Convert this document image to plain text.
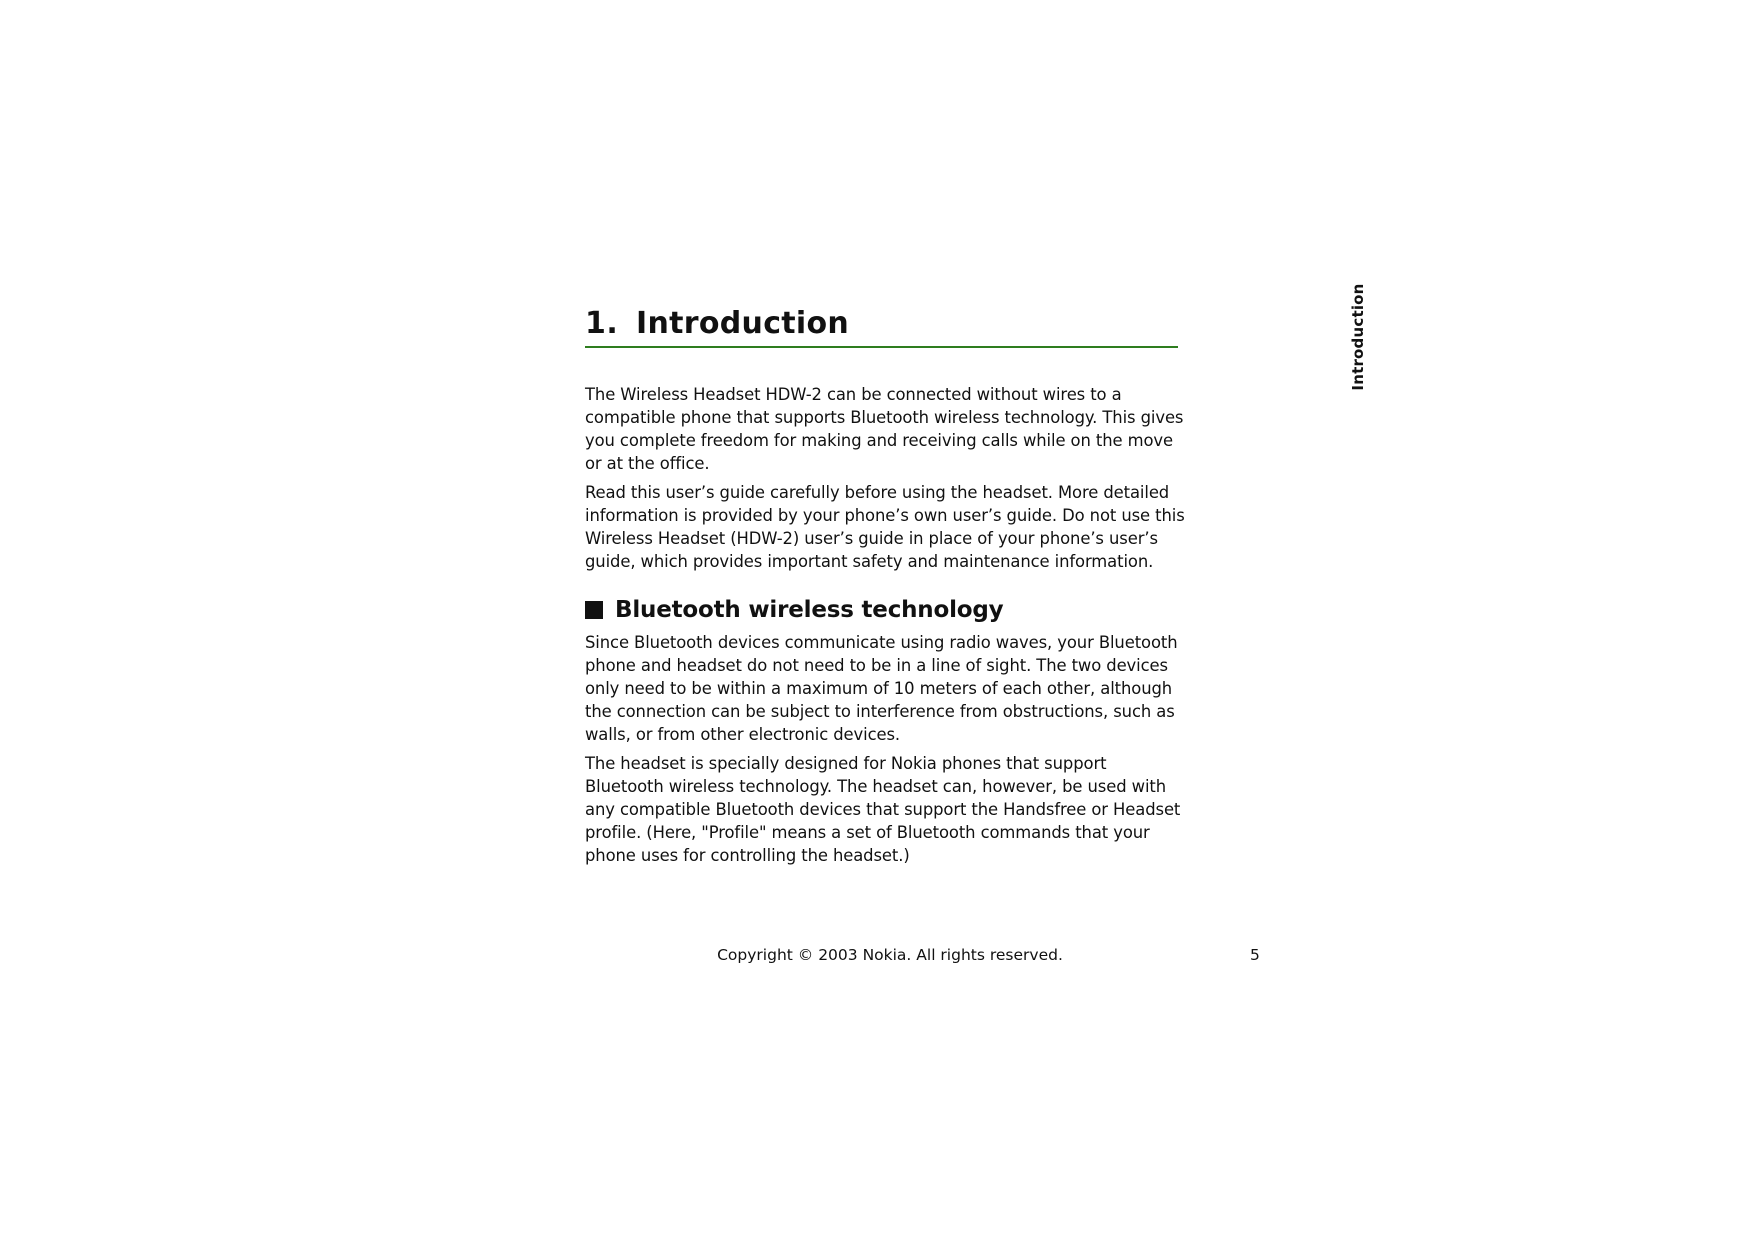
Introduction
1. Introduction

The Wireless Headset HDW-2 can be connected without wires to a compatible phone that supports Bluetooth wireless technology. This gives you complete freedom for making and receiving calls while on the move or at the office.

Read this user’s guide carefully before using the headset. More detailed information is provided by your phone’s own user’s guide. Do not use this Wireless Headset (HDW-2) user’s guide in place of your phone’s user’s guide, which provides important safety and maintenance information.

Bluetooth wireless technology

Since Bluetooth devices communicate using radio waves, your Bluetooth phone and headset do not need to be in a line of sight. The two devices only need to be within a maximum of 10 meters of each other, although the connection can be subject to interference from obstructions, such as walls, or from other electronic devices.

The headset is specially designed for Nokia phones that support Bluetooth wireless technology. The headset can, however, be used with any compatible Bluetooth devices that support the Handsfree or Headset profile. (Here, "Profile" means a set of Bluetooth commands that your phone uses for controlling the headset.)

Copyright © 2003 Nokia. All rights reserved.	5
